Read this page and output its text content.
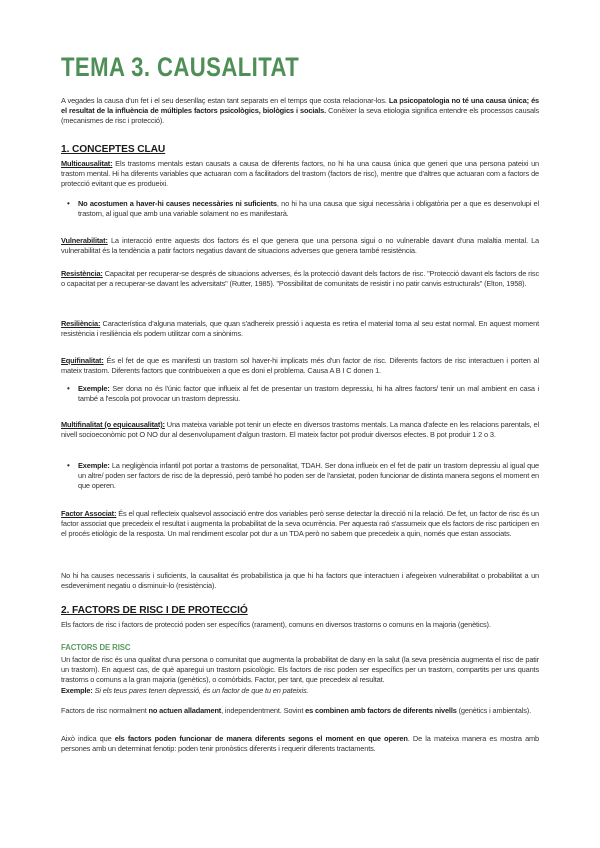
TEMA 3. CAUSALITAT

A vegades la causa d'un fet i el seu desenllaç estan tant separats en el temps que costa relacionar-los. La psicopatologia no té una causa única; és el resultat de la influència de múltiples factors psicològics, biològics i socials. Conèixer la seva etiologia significa entendre els processos causals (mecanismes de risc i protecció).

1. CONCEPTES CLAU

Multicausalitat: Els trastorns mentals estan causats a causa de diferents factors, no hi ha una causa única que generi que una persona pateixi un trastorn mental. Hi ha diferents variables que actuaran com a facilitadors del trastorn (factors de risc), mentre que d'altres que actuaran com a factors de protecció evitant que es produeixi.

• No acostumen a haver-hi causes necessàries ni suficients, no hi ha una causa que sigui necessària i obligatòria per a que es desenvolupi el trastorn, al igual que amb una variable solament no es manifestarà.

Vulnerabilitat: La interacció entre aquests dos factors és el que genera que una persona sigui o no vulnerable davant d'una malaltia mental. La vulnerabilitat és la tendència a patir factors negatius davant de situacions adverses que genera també resistència.

Resistència: Capacitat per recuperar-se després de situacions adverses, és la protecció davant dels factors de risc. "Protecció davant els factors de risc o capacitat per a recuperar-se davant les adversitats" (Rutter, 1985). "Possibilitat de comunitats de resistir i no patir canvis estructurals" (Elton, 1958).

Resiliència: Característica d'alguna materials, que quan s'adhereix pressió i aquesta es retira el material torna al seu estat normal. En aquest moment resistència i resiliència els podem utilitzar com a sinònims.

Equifinalitat: És el fet de que es manifesti un trastorn sol haver-hi implicats més d'un factor de risc. Diferents factors de risc interactuen i porten al mateix trastorn. Diferents factors que contribueixen a que es doni el problema. Causa A B I C donen 1.

• Exemple: Ser dona no és l'únic factor que influeix al fet de presentar un trastorn depressiu, hi ha altres factors/ tenir un mal ambient en casa i també a l'escola pot provocar un trastorn depressiu.

Multifinalitat (o equicausalitat): Una mateixa variable pot tenir un efecte en diversos trastorns mentals. La manca d'afecte en les relacions parentals, el nivell socioeconòmic pot O NO dur al desenvolupament d'algun trastorn. El mateix factor pot produir diversos efectes. B pot produir 1 2 o 3.

• Exemple: La negligència infantil pot portar a trastorns de personalitat, TDAH. Ser dona influeix en el fet de patir un trastorn depressiu al igual que un altre/ poden ser factors de risc de la depressió, però també ho poden ser de l'ansietat, poden funcionar de distinta manera segons el moment en que operen.

Factor Associat: És el qual reflecteix qualsevol associació entre dos variables però sense detectar la direcció ni la relació. De fet, un factor de risc és un factor associat que precedeix el resultat i augmenta la probabilitat de la seva ocurrència. Per aquesta raó s'assumeix que els factors de risc participen en el procés etiològic de la resposta. Un mal rendiment escolar pot dur a un TDA però no sabem que precedeix a quin, només que estan associats.

No hi ha causes necessaris i suficients, la causalitat és probabilística ja que hi ha factors que interactuen i afegeixen vulnerabilitat o probabilitat a un esdeveniment negatiu o disminuir-lo (resistència).

2. FACTORS DE RISC I DE PROTECCIÓ

Els factors de risc i factors de protecció poden ser específics (rarament), comuns en diversos trastorns o comuns en la majoria (genètics).

FACTORS DE RISC

Un factor de risc és una qualitat d'una persona o comunitat que augmenta la probabilitat de dany en la salut (la seva presència augmenta el risc de patir un trastorn). En aquest cas, de què aparegui un trastorn psicològic. Els factors de risc poden ser específics per un trastorn, compartits per uns quants trastorns o comuns a la gran majoria (genètics), o comòrbids. Factor, per tant, que precedeix al resultat.
Exemple: Si els teus pares tenen depressió, és un factor de que tu en pateixis.

Factors de risc normalment no actuen alladament, independentment. Sovint es combinen amb factors de diferents nivells (genètics i ambientals).

Això indica que els factors poden funcionar de manera diferents segons el moment en que operen. De la mateixa manera es mostra amb persones amb un determinat fenotip: poden tenir pronòstics diferents i requerir diferents tractaments.
